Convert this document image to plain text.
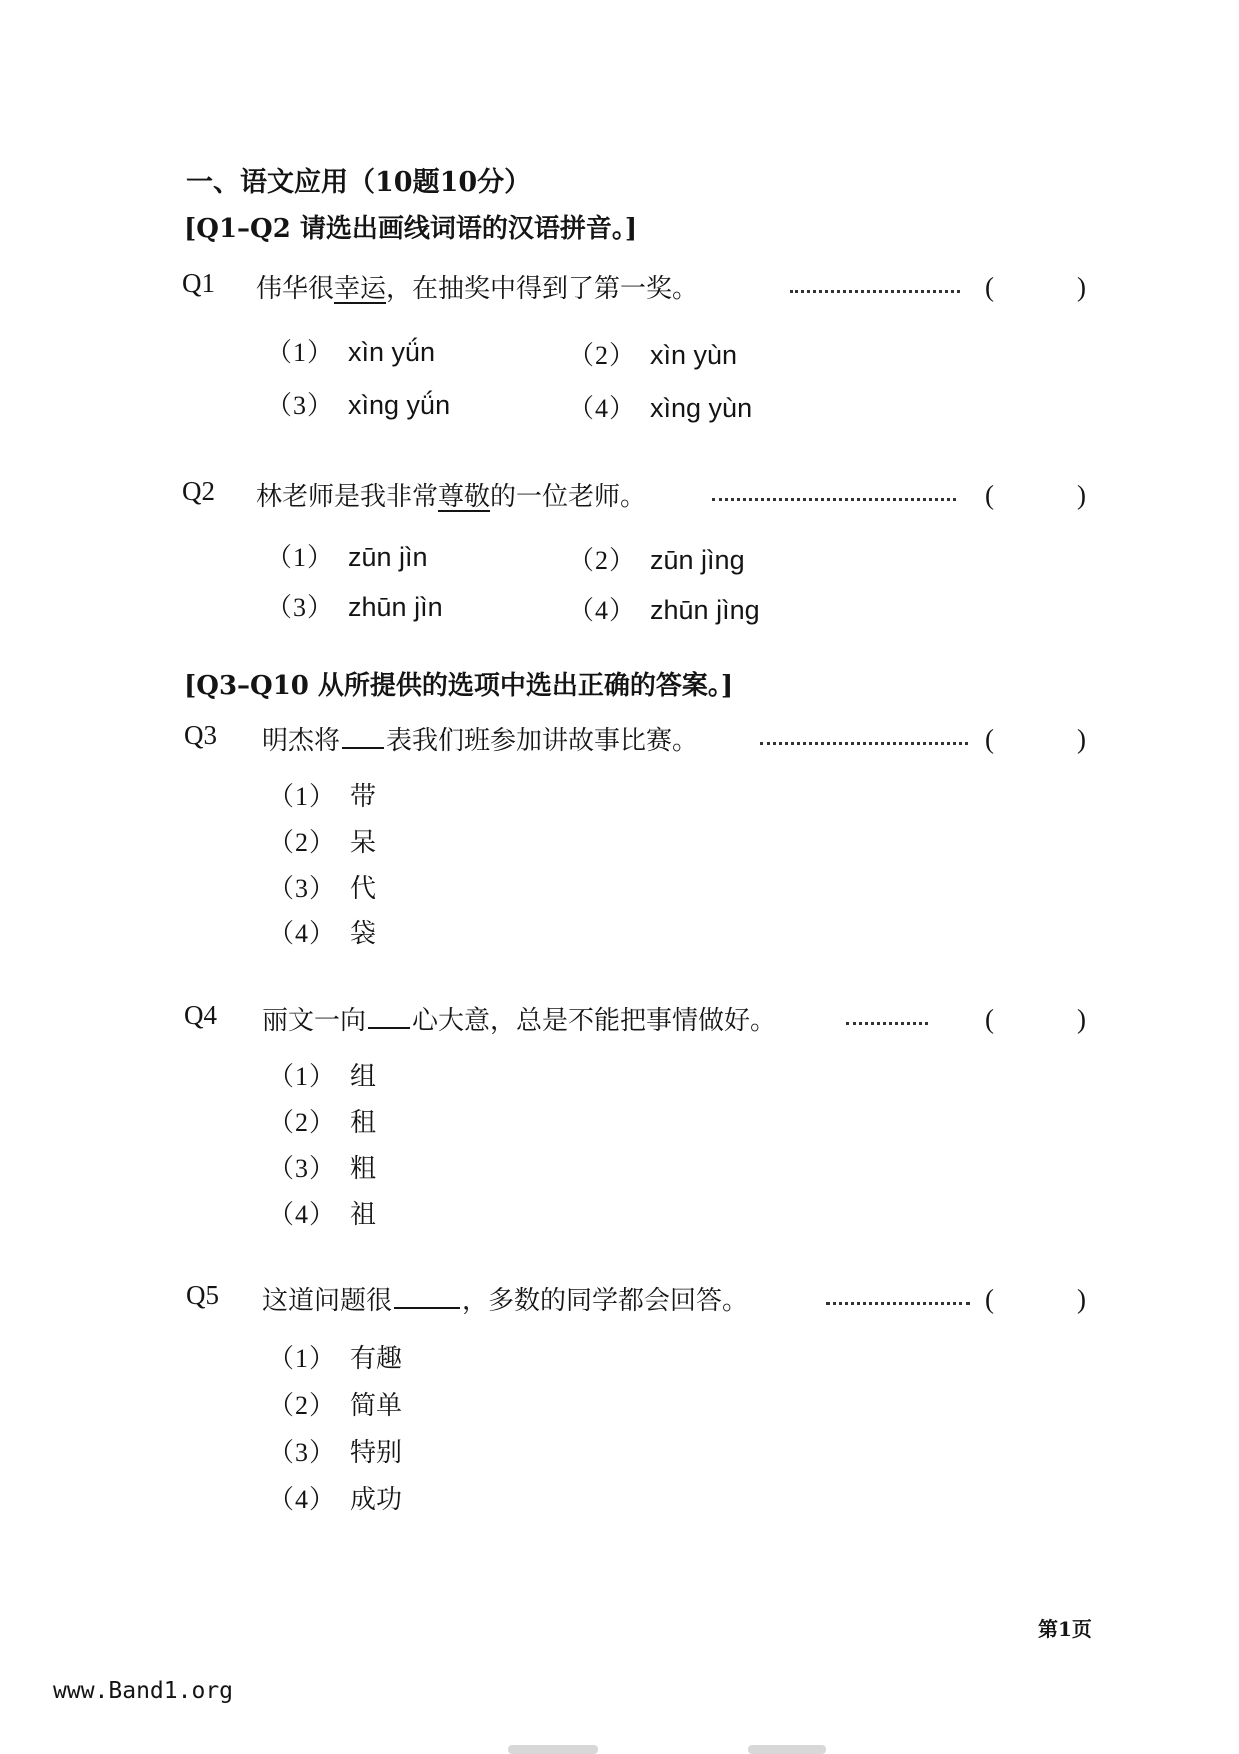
一、语文应用（10题10分）
[Q1–Q2 请选出画线词语的汉语拼音。]
Q1 伟华很幸运，在抽奖中得到了第一奖。	(	)
（1） xìn yǘn	（2） xìn yùn
（3） xìng yǘn	（4） xìng yùn
Q2 林老师是我非常尊敬的一位老师。	(	)
（1） zūn jìn	（2） zūn jìng
（3） zhūn jìn	（4） zhūn jìng
[Q3–Q10 从所提供的选项中选出正确的答案。]
Q3 明杰将 表我们班参加讲故事比赛。	(	)
（1） 带
（2） 呆
（3） 代
（4） 袋
Q4 丽文一向 心大意，总是不能把事情做好。	(	)
（1） 组
（2） 租
（3） 粗
（4） 祖
Q5 这道问题很	，多数的同学都会回答。	(	)
（1） 有趣
（2） 简单
（3） 特别
（4） 成功
第1页
www.Band1.org
